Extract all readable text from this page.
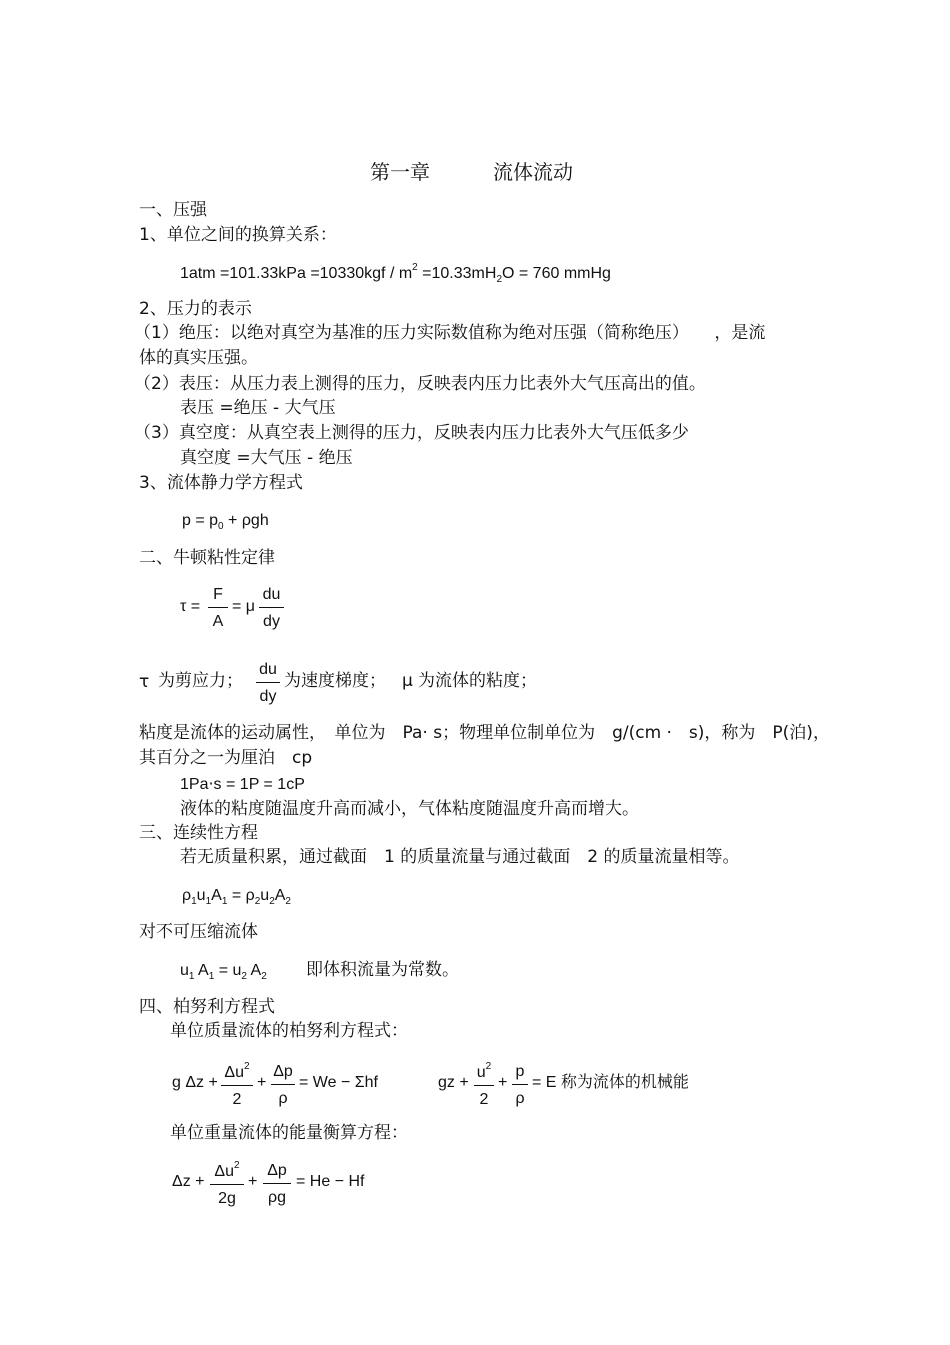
第一章	流体流动
一、压强
1、单位之间的换算关系：
$1atm =101.33kPa =10330kgf / m^2 =10.33mH_2O = 760$ mmHg
2、压力的表示
（1）绝压：以绝对真空为基准的压力实际数值称为绝对压强（简称绝压）　　，是流
体的真实压强。
（2）表压：从压力表上测得的压力，反映表内压力比表外大气压高出的值。
表压 =绝压 - 大气压
（3）真空度：从真空表上测得的压力，反映表内压力比表外大气压低多少
真空度 =大气压 - 绝压
3、流体静力学方程式
$p = p_0 + \rho gh$
二、牛顿粘性定律
τ =
F
A
= μ
du
dy
τ 为剪应力；
du
dy
为速度梯度； μ 为流体的粘度；
粘度是流体的运动属性，　单位为　Pa· s；物理单位制单位为　g/(cm ·　s)，称为　P(泊)，
其百分之一为厘泊　cp
1Pa⋅s = 1P = 1cP
液体的粘度随温度升高而减小，气体粘度随温度升高而增大。
三、连续性方程
若无质量积累，通过截面　1 的质量流量与通过截面　2 的质量流量相等。
$\rho_1u_1A_1 = \rho_2u_2A_2$
对不可压缩流体
$u_1$ $A_1 = u_2$ $A_2$ 即体积流量为常数。
四、柏努利方程式
单位质量流体的柏努利方程式：
g Δz +
$\Delta u^2$
2
+
Δp
ρ
= We − Σhf	gz +
$u^2$
2
+
p
ρ
= E 称为流体的机械能
单位重量流体的能量衡算方程：
Δz +
$\Delta u^2$
2g
+
Δp
ρg
= He − Hf
